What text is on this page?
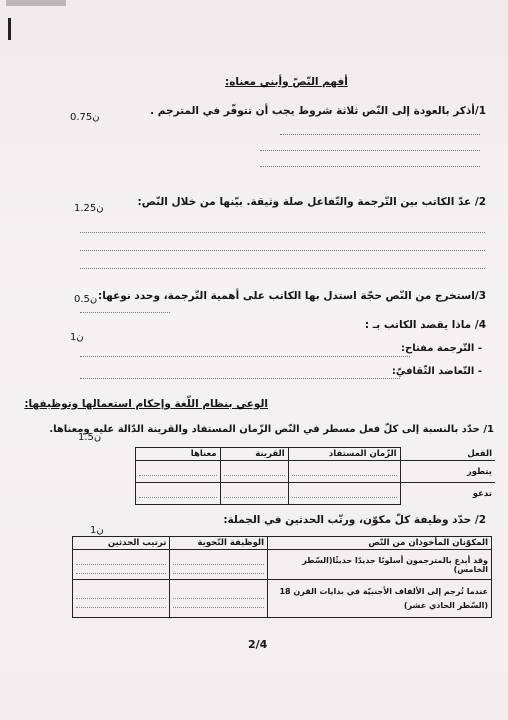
أفهم النّصّ وأبني معناه:
1/أذكر بالعودة إلى النّص ثلاثة شروط يجب أن تتوفّر في المترجم .
0.75ن
2/ عدّ الكاتب بين التّرجمة والتّفاعل صلة وثيقة. بيّنها من خلال النّص:
1.25ن
3/استخرج من النّص حجّة استدل بها الكاتب على أهمية التّرجمة، وحدد نوعها:
0.5ن
4/ ماذا يقصد الكاتب بـ :
1ن
- التّرجمة مفتاح:
- التّعاضد الثّقافيّ:
الوعي بنظام اللّغة وإحكام استعمالها وتوظيفها:
1/ حدّد بالنسبة إلى كلّ فعل مسطر في النّص الزّمان المستفاد والقرينة الدّالة عليه ومعناها.
1.5ن
الفعل	الزّمان المستفاد	القرينة	معناها
يتطور	

تدعو	

2/ حدّد وظيفة كلّ مكوّن، ورتّب الحدثين في الجملة:
1ن
المكوّنان المأخوذان من النّص	الوظيفة النّحوية	ترتيب الحدثين
وقد أبدع بالمترجمون أسلوبًا جديدًا حديثًا(السّطر الخامس)	

عندما تُرجم إلى الألفاف الأجنبيّة في بدايات القرن 18 (السّطر الحادي عشر)	

2/4
